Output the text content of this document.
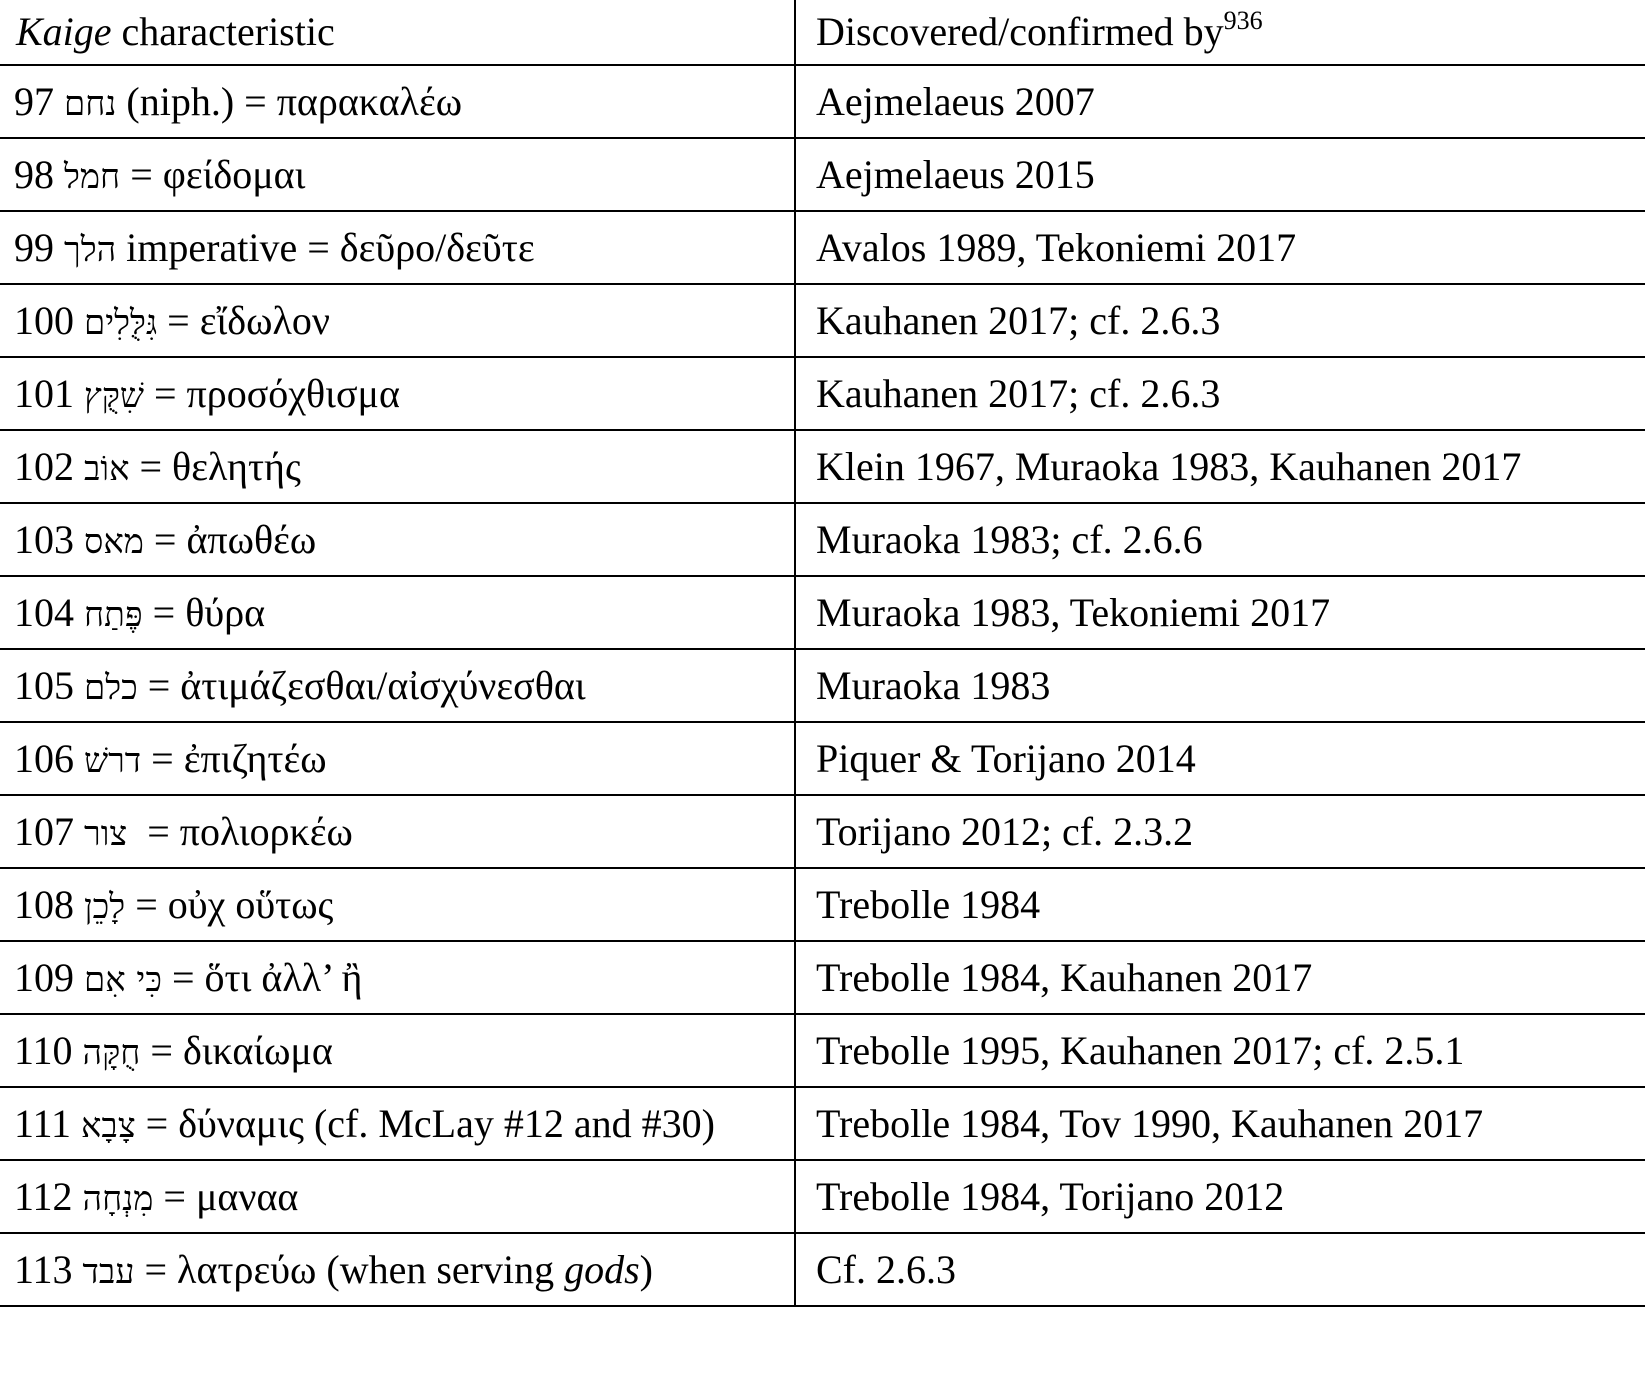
Kaige characteristic	Discovered/confirmed $by^{936}$
97 נחם (niph.) = παρακαλέω	Aejmelaeus 2007
98 חמל = φείδομαι	Aejmelaeus 2015
99 הלך imperative = δεῦρο/δεῦτε	Avalos 1989, Tekoniemi 2017
100 גִּלֻּלִים = εἴδωλον	Kauhanen 2017; cf. 2.6.3
101 שִׁקֻּץ = προσόχθισμα	Kauhanen 2017; cf. 2.6.3
102 אוֹב = θελητής	Klein 1967, Muraoka 1983, Kauhanen 2017
103 מאס = ἀπωθέω	Muraoka 1983; cf. 2.6.6
104 פֶּתַח = θύρα	Muraoka 1983, Tekoniemi 2017
105 כלם = ἀτιμάζεσθαι/αἰσχύνεσθαι	Muraoka 1983
106 דרשׁ = ἐπιζητέω	Piquer & Torijano 2014
107 צור  = πολιορκέω	Torijano 2012; cf. 2.3.2
108 לָכֵן = οὐχ οὕτως	Trebolle 1984
109 כִּי אִם = ὅτι ἀλλ’ ἢ	Trebolle 1984, Kauhanen 2017
110 חֻקָּה = δικαίωμα	Trebolle 1995, Kauhanen 2017; cf. 2.5.1
111 צָבָא = δύναμις (cf. McLay #12 and #30)	Trebolle 1984, Tov 1990, Kauhanen 2017
112 מִנְחָה = μαναα	Trebolle 1984, Torijano 2012
113 עבד = λατρεύω (when serving gods)	Cf. 2.6.3
